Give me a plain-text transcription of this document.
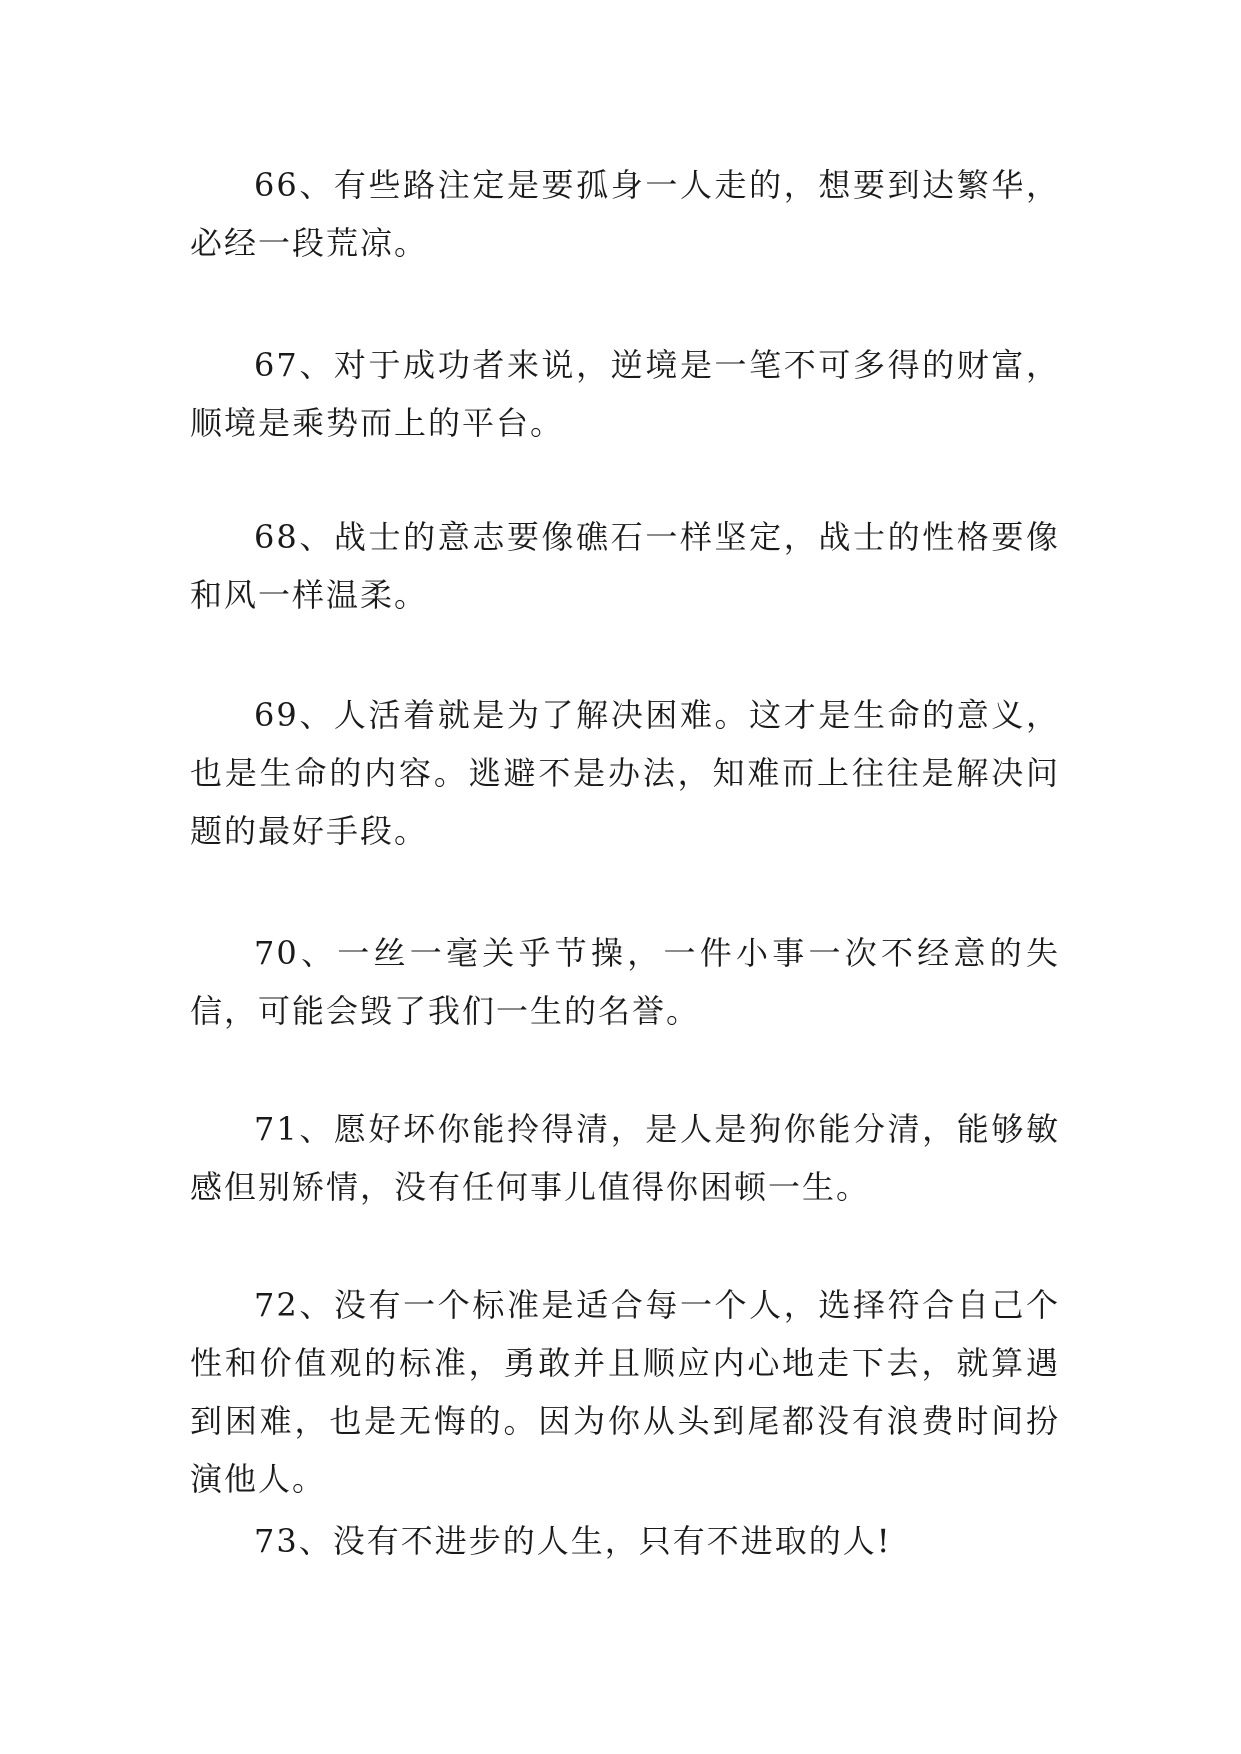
66、有些路注定是要孤身一人走的，想要到达繁华，必经一段荒凉。

67、对于成功者来说，逆境是一笔不可多得的财富，顺境是乘势而上的平台。

68、战士的意志要像礁石一样坚定，战士的性格要像和风一样温柔。

69、人活着就是为了解决困难。这才是生命的意义，也是生命的内容。逃避不是办法，知难而上往往是解决问题的最好手段。

70、一丝一毫关乎节操，一件小事一次不经意的失信，可能会毁了我们一生的名誉。

71、愿好坏你能拎得清，是人是狗你能分清，能够敏感但别矫情，没有任何事儿值得你困顿一生。

72、没有一个标准是适合每一个人，选择符合自己个性和价值观的标准，勇敢并且顺应内心地走下去，就算遇到困难，也是无悔的。因为你从头到尾都没有浪费时间扮演他人。

73、没有不进步的人生，只有不进取的人!
